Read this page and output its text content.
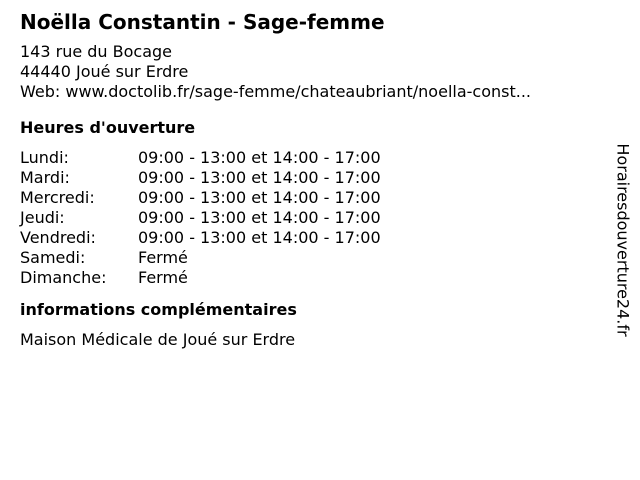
Noëlla Constantin - Sage-femme
143 rue du Bocage
44440 Joué sur Erdre
Web: www.doctolib.fr/sage-femme/chateaubriant/noella-const...
Heures d'ouverture
Lundi:	09:00 - 13:00 et 14:00 - 17:00
Mardi:	09:00 - 13:00 et 14:00 - 17:00
Mercredi:	09:00 - 13:00 et 14:00 - 17:00
Jeudi:	09:00 - 13:00 et 14:00 - 17:00
Vendredi:	09:00 - 13:00 et 14:00 - 17:00
Samedi:	Fermé
Dimanche:	Fermé
informations complémentaires
Maison Médicale de Joué sur Erdre
Horairesdouverture24.fr
